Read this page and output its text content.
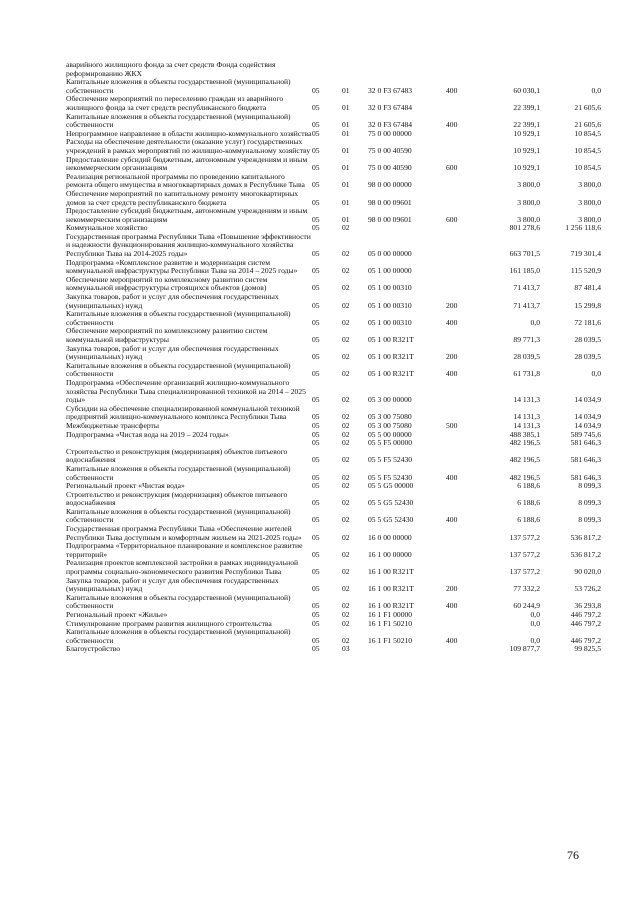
аварийного жилищного фонда за счет средств Фонда содействия реформированию ЖКХ						
Капитальные вложения в объекты государственной (муниципальной) собственности	05	01	32 0 F3 67483	400	60 030,1	0,0
Обеспечение мероприятий по переселению граждан из аварийного жилищного фонда за счет средств республиканского бюджета	05	01	32 0 F3 67484		22 399,1	21 605,6
Капитальные вложения в объекты государственной (муниципальной) собственности	05	01	32 0 F3 67484	400	22 399,1	21 605,6
Непрограммное направление в области жилищно-коммунального хозяйства	05	01	75 0 00 00000		10 929,1	10 854,5
Расходы на обеспечение деятельности (оказание услуг) государственных учреждений в рамках мероприятий по жилищно-коммунальному хозяйству	05	01	75 0 00 40590		10 929,1	10 854,5
Предоставление субсидий бюджетным, автономным учреждениям и иным некоммерческим организациям	05	01	75 0 00 40590	600	10 929,1	10 854,5
Реализация региональной программы по проведению капитального ремонта общего имущества в многоквартирных домах в Республике Тыва	05	01	98 0 00 00000		3 800,0	3 800,0
Обеспечение мероприятий по капитальному ремонту многоквартирных домов за счет средств республиканского бюджета	05	01	98 0 00 09601		3 800,0	3 800,0
Предоставление субсидий бюджетным, автономным учреждениям и иным некоммерческим организациям	05	01	98 0 00 09601	600	3 800,0	3 800,0
Коммунальное хозяйство	05	02			801 278,6	1 256 118,6
Государственная программа Республики Тыва «Повышение эффективности и надежности функционирования жилищно-коммунального хозяйства Республики Тыва на 2014-2025 годы»	05	02	05 0 00 00000		663 701,5	719 301,4
Подпрограмма «Комплексное развитие и модернизация систем коммунальной инфраструктуры Республики Тыва на 2014 – 2025 годы»	05	02	05 1 00 00000		161 185,0	115 520,9
Обеспечение мероприятий по комплексному развитию систем коммунальной инфраструктуры строящихся объектов (домов)	05	02	05 1 00 00310		71 413,7	87 481,4
Закупка товаров, работ и услуг для обеспечения государственных (муниципальных) нужд	05	02	05 1 00 00310	200	71 413,7	15 299,8
Капитальные вложения в объекты государственной (муниципальной) собственности	05	02	05 1 00 00310	400	0,0	72 181,6
Обеспечение мероприятий по комплексному развитию систем коммунальной инфраструктуры	05	02	05 1 00 R321Т		89 771,3	28 039,5
Закупка товаров, работ и услуг для обеспечения государственных (муниципальных) нужд	05	02	05 1 00 R321Т	200	28 039,5	28 039,5
Капитальные вложения в объекты государственной (муниципальной) собственности	05	02	05 1 00 R321Т	400	61 731,8	0,0
Подпрограмма «Обеспечение организаций жилищно-коммунального хозяйства Республики Тыва специализированной техникой на 2014 – 2025 годы»	05	02	05 3 00 00000		14 131,3	14 034,9
Субсидии на обеспечение специализированной коммунальной техникой предприятий жилищно-коммунального комплекса Республики Тыва	05	02	05 3 00 75080		14 131,3	14 034,9
Межбюджетные трансферты	05	02	05 3 00 75080	500	14 131,3	14 034,9
Подпрограмма «Чистая вода на 2019 – 2024 годы»	05	02	05 5 00 00000		488 385,1	589 745,6
	05	02	05 5 F5 00000		482 196,5	581 646,3
Строительство и реконструкция (модернизация) объектов питьевого водоснабжения	05	02	05 5 F5 52430		482 196,5	581 646,3
Капитальные вложения в объекты государственной (муниципальной) собственности	05	02	05 5 F5 52430	400	482 196,5	581 646,3
Региональный проект «Чистая вода»	05	02	05 5 G5 00000		6 188,6	8 099,3
Строительство и реконструкция (модернизация) объектов питьевого водоснабжения	05	02	05 5 G5 52430		6 188,6	8 099,3
Капитальные вложения в объекты государственной (муниципальной) собственности	05	02	05 5 G5 52430	400	6 188,6	8 099,3
Государственная программа Республики Тыва «Обеспечение жителей Республики Тыва доступным и комфортным жильем на 2021-2025 годы»	05	02	16 0 00 00000		137 577,2	536 817,2
Подпрограмма «Территориальное планирование и комплексное развитие территорий»	05	02	16 1 00 00000		137 577,2	536 817,2
Реализация проектов комплексной застройки в рамках индивидуальной программы социально-экономического развития Республики Тыва	05	02	16 1 00 R321Т		137 577,2	90 020,0
Закупка товаров, работ и услуг для обеспечения государственных (муниципальных) нужд	05	02	16 1 00 R321Т	200	77 332,2	53 726,2
Капитальные вложения в объекты государственной (муниципальной) собственности	05	02	16 1 00 R321Т	400	60 244,9	36 293,8
Региональный проект «Жилье»	05	02	16 1 F1 00000		0,0	446 797,2
Стимулирование программ развития жилищного строительства	05	02	16 1 F1 50210		0,0	446 797,2
Капитальные вложения в объекты государственной (муниципальной) собственности	05	02	16 1 F1 50210	400	0,0	446 797,2
Благоустройство	05	03			109 877,7	99 825,5
76
